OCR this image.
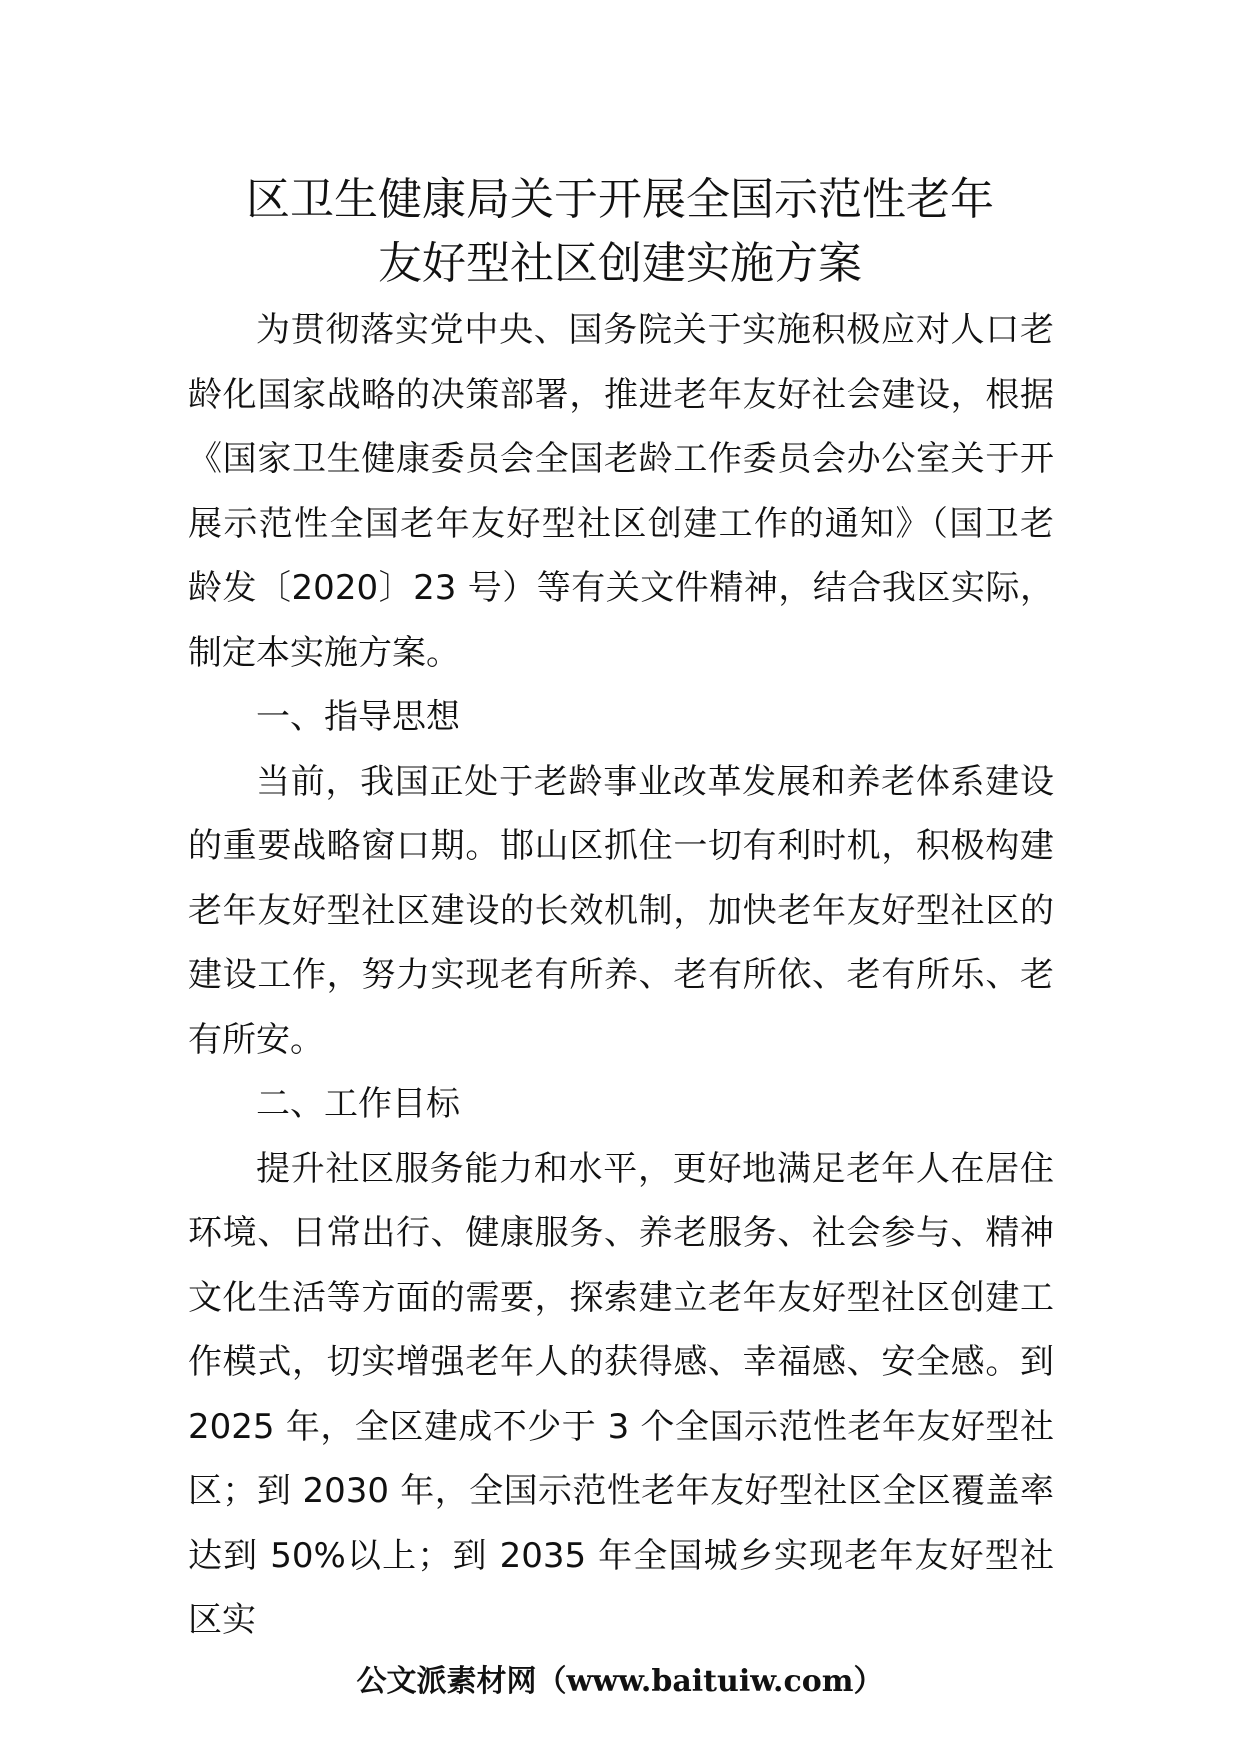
区卫生健康局关于开展全国示范性老年
友好型社区创建实施方案

为贯彻落实党中央、国务院关于实施积极应对人口老龄化国家战略的决策部署，推进老年友好社会建设，根据《国家卫生健康委员会全国老龄工作委员会办公室关于开展示范性全国老年友好型社区创建工作的通知》（国卫老龄发〔2020〕23 号）等有关文件精神，结合我区实际，制定本实施方案。

一、指导思想

当前，我国正处于老龄事业改革发展和养老体系建设的重要战略窗口期。邯山区抓住一切有利时机，积极构建老年友好型社区建设的长效机制，加快老年友好型社区的建设工作，努力实现老有所养、老有所依、老有所乐、老有所安。

二、工作目标

提升社区服务能力和水平，更好地满足老年人在居住环境、日常出行、健康服务、养老服务、社会参与、精神文化生活等方面的需要，探索建立老年友好型社区创建工作模式，切实增强老年人的获得感、幸福感、安全感。到 2025 年，全区建成不少于 3 个全国示范性老年友好型社区；到 2030 年，全国示范性老年友好型社区全区覆盖率达到 50%以上；到 2035 年全国城乡实现老年友好型社区实

公文派素材网（www.baituiw.com）
